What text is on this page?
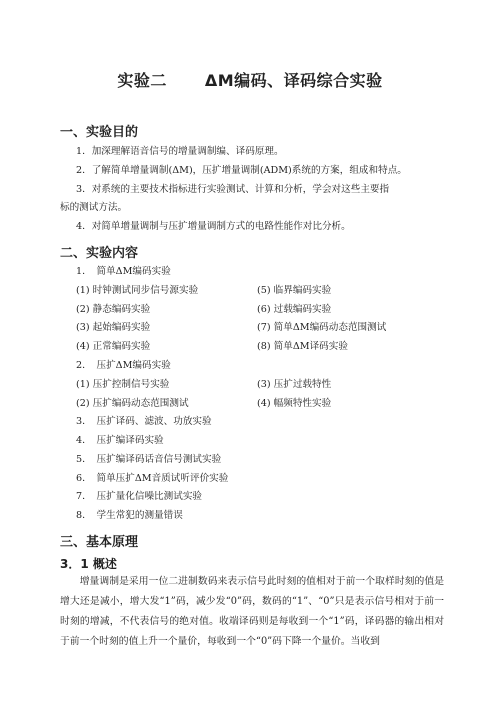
实验二 ΔM编码、译码综合实验
一、实验目的
1．加深理解语音信号的增量调制编、译码原理。
2．了解简单增量调制(ΔM)，压扩增量调制(ADM)系统的方案，组成和特点。
3．对系统的主要技术指标进行实验测试、计算和分析，学会对这些主要指
标的测试方法。
4．对简单增量调制与压扩增量调制方式的电路性能作对比分析。
二、实验内容
1．　简单ΔM编码实验
(1) 时钟测试同步信号源实验	(5) 临界编码实验
(2) 静态编码实验	(6) 过载编码实验
(3) 起始编码实验	(7) 简单ΔM编码动态范围测试
(4) 正常编码实验	(8) 简单ΔM译码实验
2．　压扩ΔM编码实验
(1) 压扩控制信号实验	(3) 压扩过载特性
(2) 压扩编码动态范围测试	(4) 幅频特性实验
3．　压扩译码、滤波、功放实验
4．　压扩编译码实验
5．　压扩编译码话音信号测试实验
6．　简单压扩ΔM音质试听评价实验
7．　压扩量化信噪比测试实验
8．　学生常犯的测量错误
三、基本原理
3．1 概述
　　增量调制是采用一位二进制数码来表示信号此时刻的值相对于前一个取样时刻的值是增大还是减小，增大发“1”码，减少发“0”码，数码的“1”、“0”只是表示信号相对于前一时刻的增减，不代表信号的绝对值。收端译码则是每收到一个“1”码，译码器的输出相对于前一个时刻的值上升一个量价，每收到一个“0”码下降一个量价。当收到
